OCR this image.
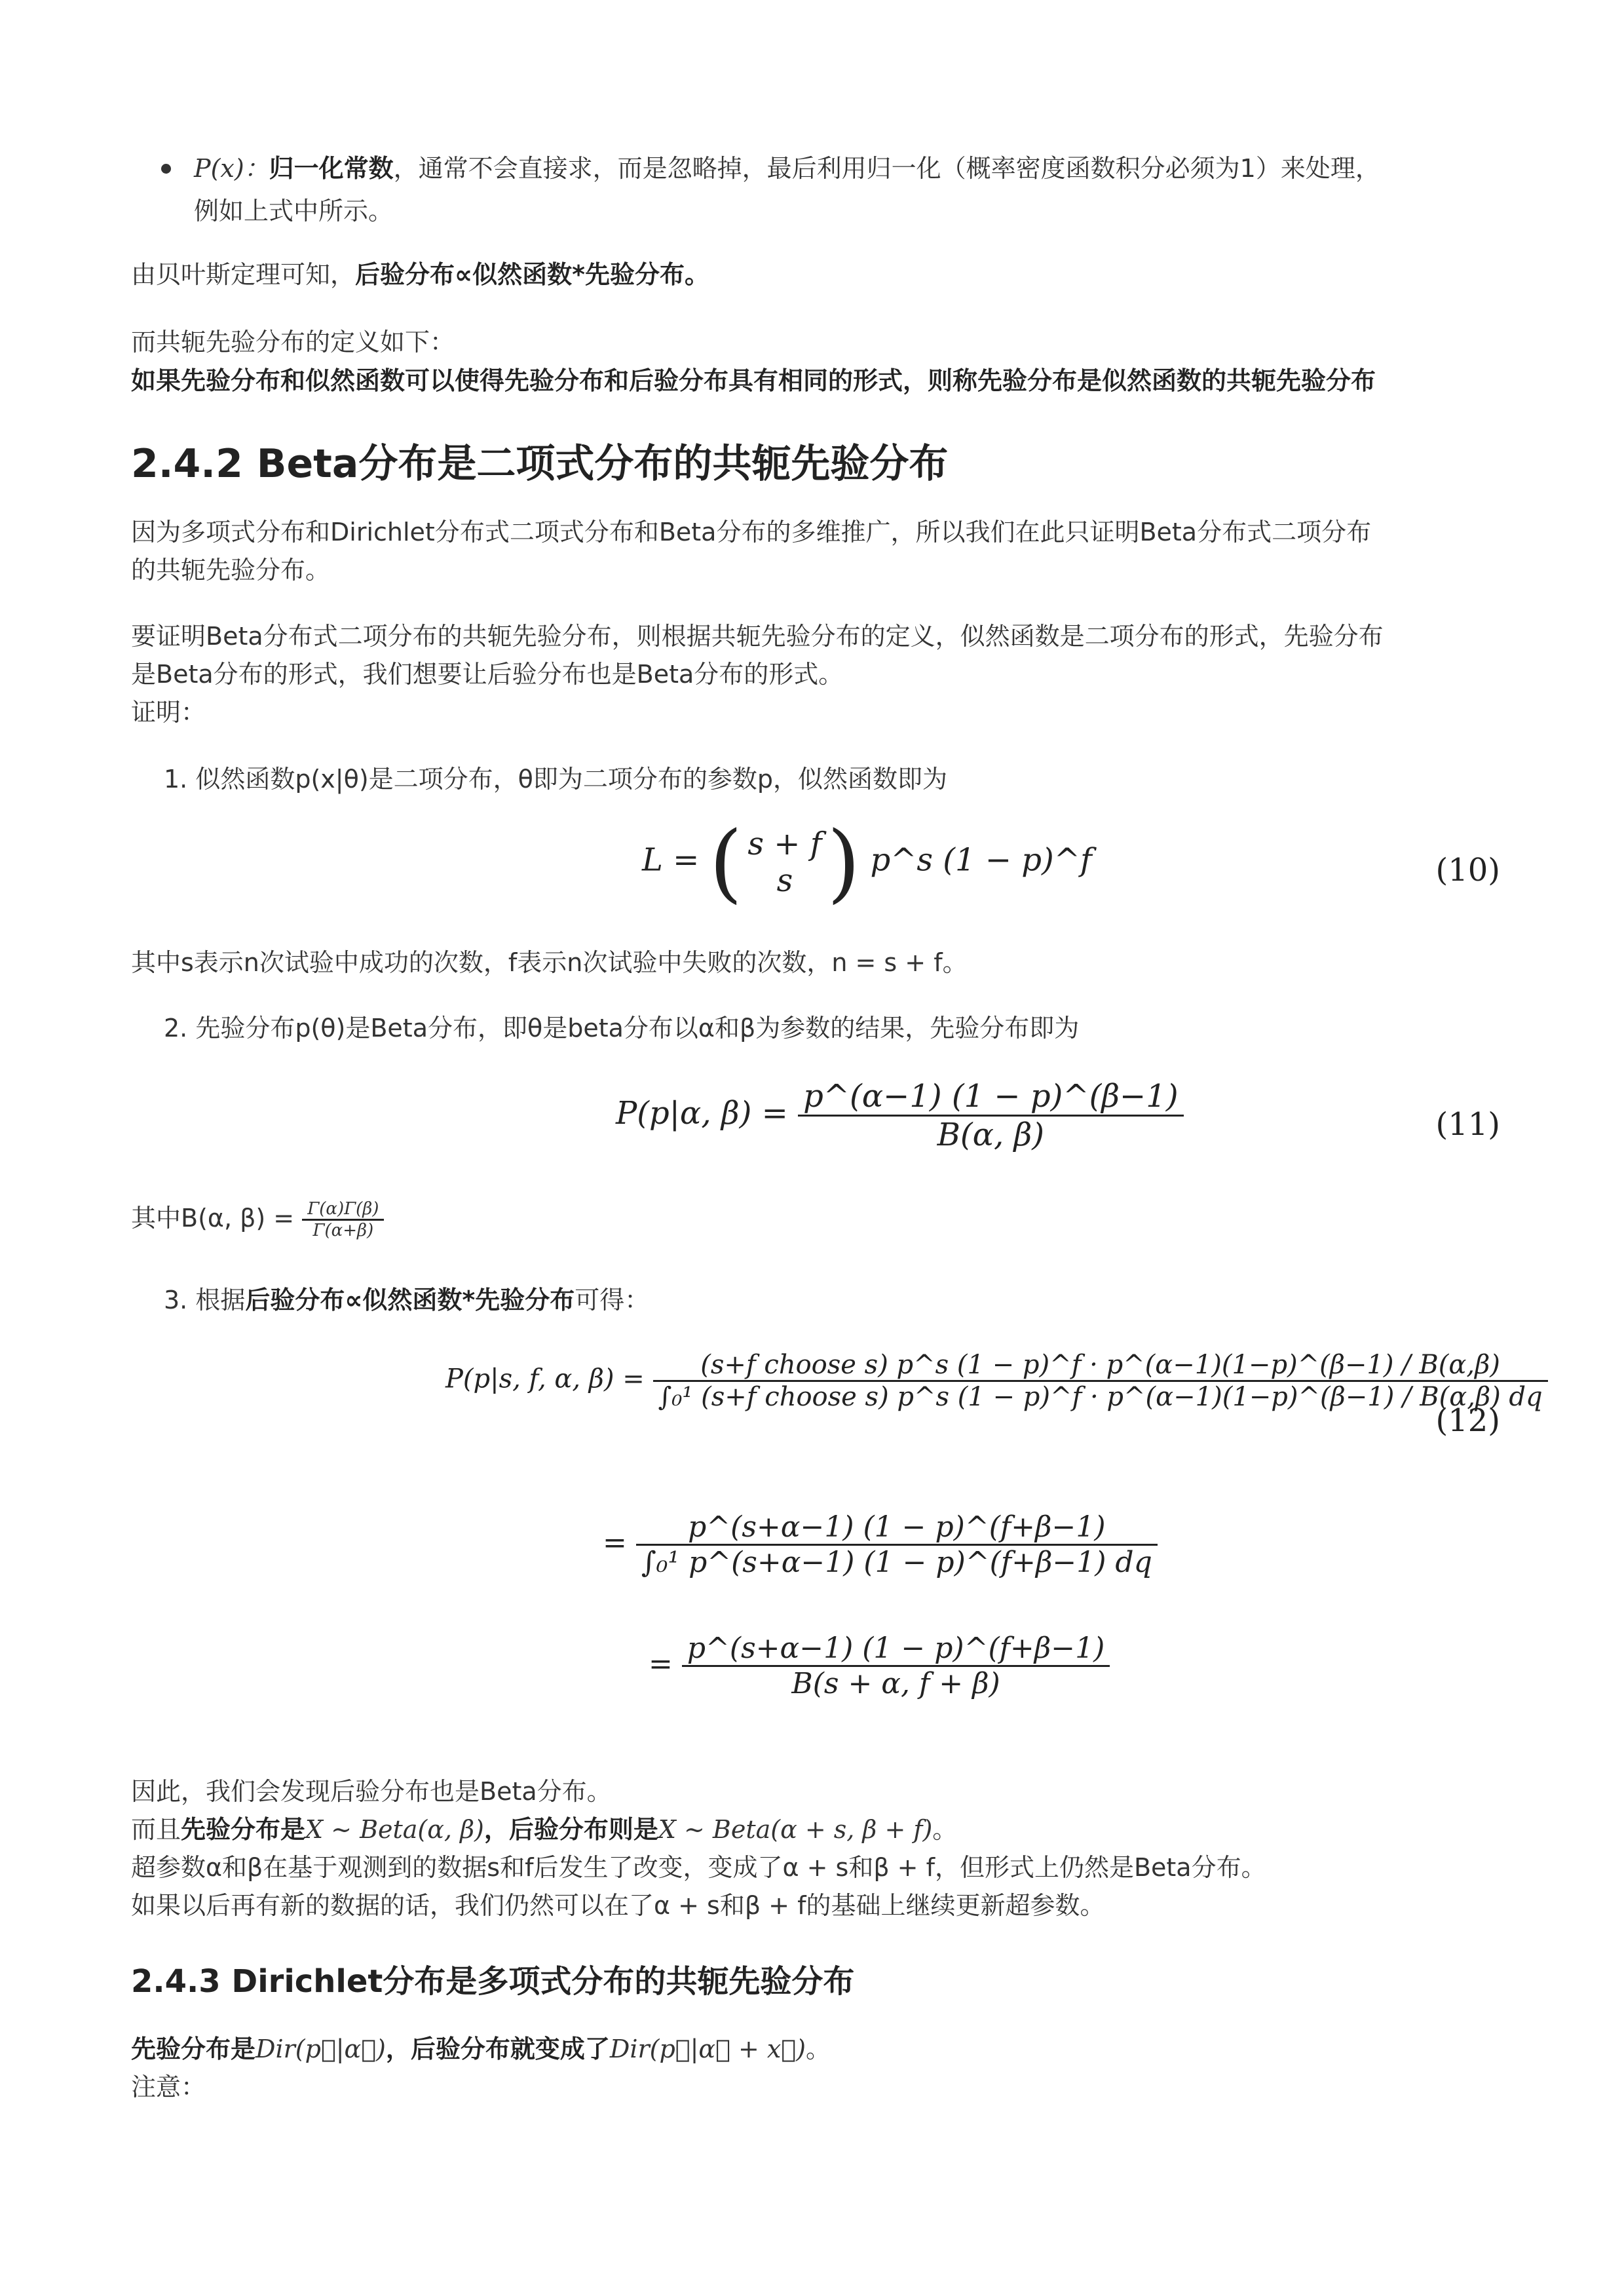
P(x)：归一化常数，通常不会直接求，而是忽略掉，最后利用归一化（概率密度函数积分必须为1）来处理，
例如上式中所示。
由贝叶斯定理可知，后验分布∝似然函数*先验分布。
而共轭先验分布的定义如下：
如果先验分布和似然函数可以使得先验分布和后验分布具有相同的形式，则称先验分布是似然函数的共轭先验分布
2.4.2 Beta分布是二项式分布的共轭先验分布
因为多项式分布和Dirichlet分布式二项式分布和Beta分布的多维推广，所以我们在此只证明Beta分布式二项分布
的共轭先验分布。
要证明Beta分布式二项分布的共轭先验分布，则根据共轭先验分布的定义，似然函数是二项分布的形式，先验分布
是Beta分布的形式，我们想要让后验分布也是Beta分布的形式。
证明：
1. 似然函数p(x|θ)是二项分布，θ即为二项分布的参数p，似然函数即为
L = ( s + f
s ) p^s (1 − p)^f	(10)
其中s表示n次试验中成功的次数，f表示n次试验中失败的次数，n = s + f。
2. 先验分布p(θ)是Beta分布，即θ是beta分布以α和β为参数的结果，先验分布即为
P(p|α, $\beta) = \frac{p\^{}(\alpha-1) (1 - p)\^{}(\beta-1)}{B(\alpha, \beta)}$	(11)
其中B(α, $\beta) = \frac{\Gamma(\alpha)\Gamma(\beta)}{\Gamma(\alpha+\beta)}$
3. 根据后验分布∝似然函数*先验分布可得：
P(p|s, f, α, β) =	(s+f choose s) p^s (1 − p)^f · p^(α−1)(1−p)^(β−1) / B(α,β)
∫₀¹ (s+f choose s) p^s (1 − p)^f · p^(α−1)(1−p)^(β−1) / B(α,β) dq
(12)
= $\frac{p\^{}(s+\alpha-1) (1 - p)\^{}(f+\beta-1)}{\text{∫₀¹ p\textasciicircum{}(s+α−1) (1 − p)\textasciicircum{}(f+β−1) dq}}$
= $\frac{p\^{}(s+\alpha-1) (1 - p)\^{}(f+\beta-1)}{B(s + \alpha, f + \beta)}$
因此，我们会发现后验分布也是Beta分布。
而且先验分布是X ∼ Beta(α, β)，后验分布则是X ∼ Beta(α + s, β + f)。
超参数α和β在基于观测到的数据s和f后发生了改变，变成了α + s和β + f，但形式上仍然是Beta分布。
如果以后再有新的数据的话，我们仍然可以在了α + s和β + f的基础上继续更新超参数。
2.4.3 Dirichlet分布是多项式分布的共轭先验分布
先验分布是Dir(p⃗|α⃗)，后验分布就变成了Dir(p⃗|α⃗ + x⃗)。
注意：
